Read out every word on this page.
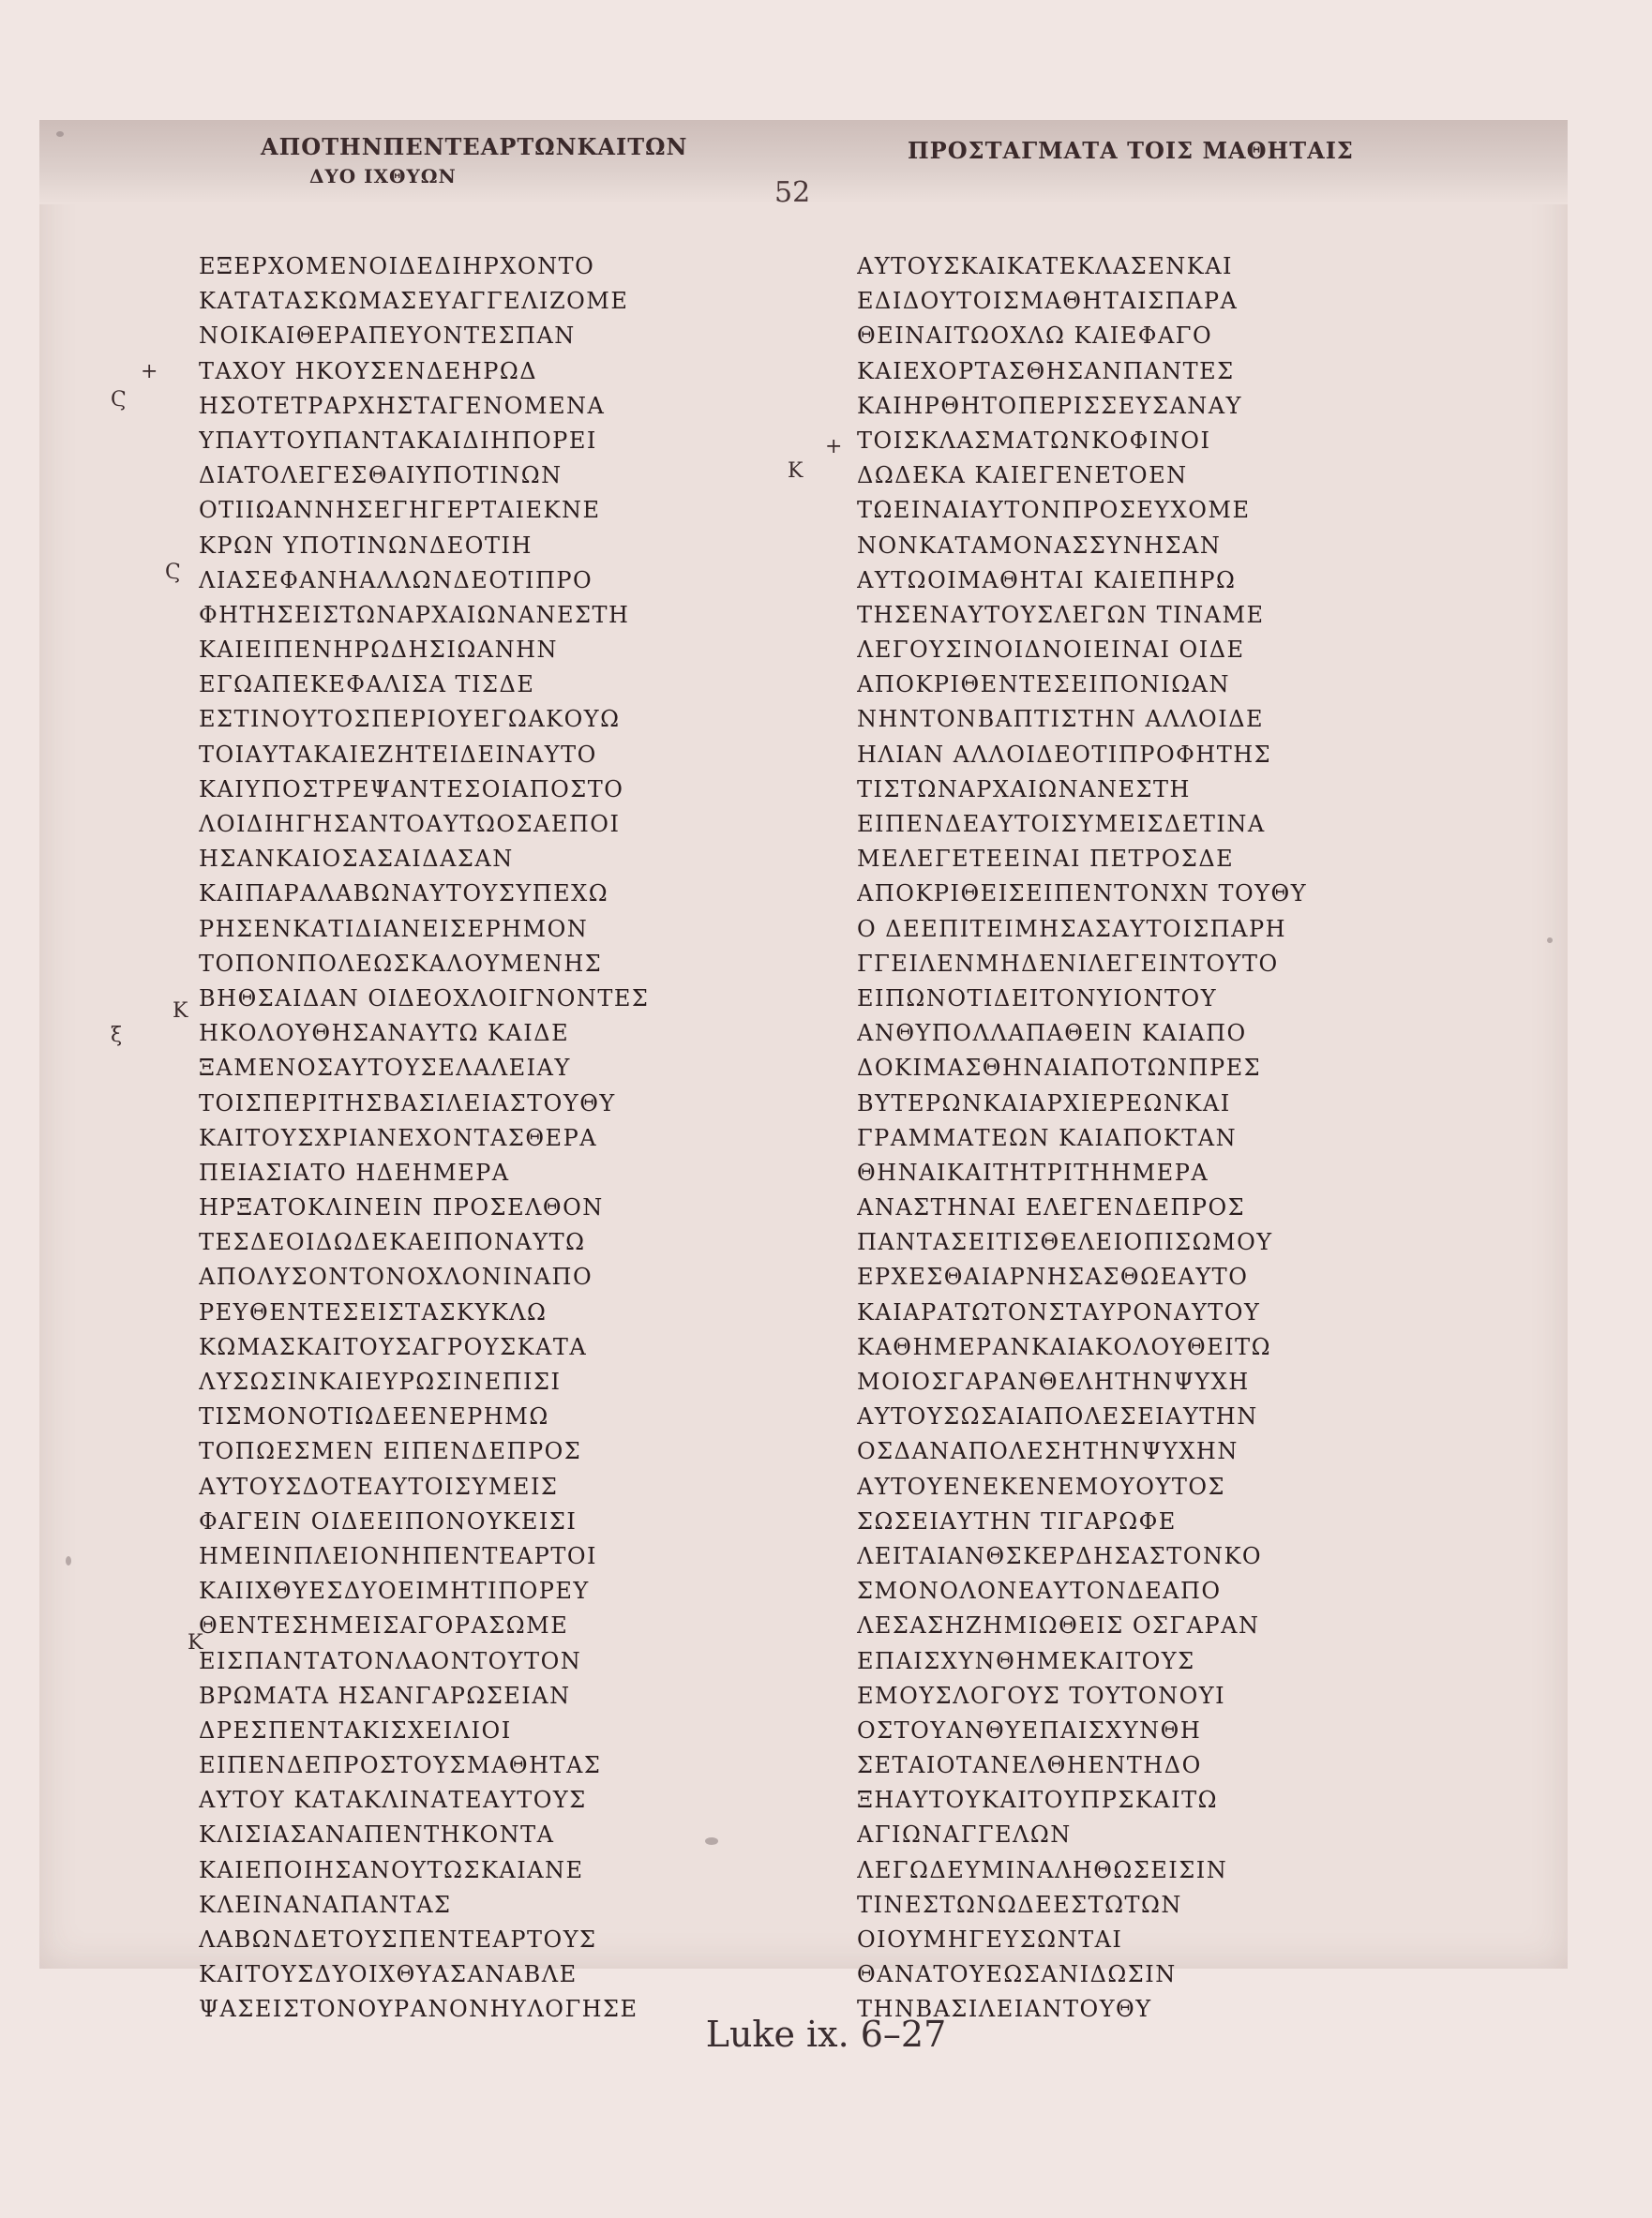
ΑΠΟΤΗΝΠΕΝΤΕΑΡΤΩΝΚΑΙΤΩΝ
ΔΥΟ ΙΧΘΥΩΝ
ΠΡΟΣΤΑΓΜΑΤΑ ΤΟΙΣ ΜΑΘΗΤΑΙΣ
52
+
Ϛ
+
Κ
Ϛ
Κ
ξ
Κ
ΕΞΕΡΧΟΜΕΝΟΙΔΕΔΙΗΡΧΟΝΤΟ
ΚΑΤΑΤΑΣΚΩΜΑΣΕΥΑΓΓΕΛΙΖΟΜΕ
ΝΟΙΚΑΙΘΕΡΑΠΕΥΟΝΤΕΣΠΑΝ
ΤΑΧΟΥ ΗΚΟΥΣΕΝΔΕΗΡΩΔ
ΗΣΟΤΕΤΡΑΡΧΗΣΤΑΓΕΝΟΜΕΝΑ
ΥΠΑΥΤΟΥΠΑΝΤΑΚΑΙΔΙΗΠΟΡΕΙ
ΔΙΑΤΟΛΕΓΕΣΘΑΙΥΠΟΤΙΝΩΝ
ΟΤΙΙΩΑΝΝΗΣΕΓΗΓΕΡΤΑΙΕΚΝΕ
ΚΡΩΝ ΥΠΟΤΙΝΩΝΔΕΟΤΙΗ
ΛΙΑΣΕΦΑΝΗΑΛΛΩΝΔΕΟΤΙΠΡΟ
ΦΗΤΗΣΕΙΣΤΩΝΑΡΧΑΙΩΝΑΝΕΣΤΗ
ΚΑΙΕΙΠΕΝΗΡΩΔΗΣΙΩΑΝΗΝ
ΕΓΩΑΠΕΚΕΦΑΛΙΣΑ ΤΙΣΔΕ
ΕΣΤΙΝΟΥΤΟΣΠΕΡΙΟΥΕΓΩΑΚΟΥΩ
ΤΟΙΑΥΤΑΚΑΙΕΖΗΤΕΙΔΕΙΝΑΥΤΟ
ΚΑΙΥΠΟΣΤΡΕΨΑΝΤΕΣΟΙΑΠΟΣΤΟ
ΛΟΙΔΙΗΓΗΣΑΝΤΟΑΥΤΩΟΣΑΕΠΟΙ
ΗΣΑΝΚΑΙΟΣΑΣΑΙΔΑΣΑΝ
ΚΑΙΠΑΡΑΛΑΒΩΝΑΥΤΟΥΣΥΠΕΧΩ
ΡΗΣΕΝΚΑΤΙΔΙΑΝΕΙΣΕΡΗΜΟΝ
ΤΟΠΟΝΠΟΛΕΩΣΚΑΛΟΥΜΕΝΗΣ
ΒΗΘΣΑΙΔΑΝ ΟΙΔΕΟΧΛΟΙΓΝΟΝΤΕΣ
ΗΚΟΛΟΥΘΗΣΑΝΑΥΤΩ ΚΑΙΔΕ
ΞΑΜΕΝΟΣΑΥΤΟΥΣΕΛΑΛΕΙΑΥ
ΤΟΙΣΠΕΡΙΤΗΣΒΑΣΙΛΕΙΑΣΤΟΥΘΥ
ΚΑΙΤΟΥΣΧΡΙΑΝΕΧΟΝΤΑΣΘΕΡΑ
ΠΕΙΑΣΙΑΤΟ ΗΔΕΗΜΕΡΑ
ΗΡΞΑΤΟΚΛΙΝΕΙΝ ΠΡΟΣΕΛΘΟΝ
ΤΕΣΔΕΟΙΔΩΔΕΚΑΕΙΠΟΝΑΥΤΩ
ΑΠΟΛΥΣΟΝΤΟΝΟΧΛΟΝΙΝΑΠΟ
ΡΕΥΘΕΝΤΕΣΕΙΣΤΑΣΚΥΚΛΩ
ΚΩΜΑΣΚΑΙΤΟΥΣΑΓΡΟΥΣΚΑΤΑ
ΛΥΣΩΣΙΝΚΑΙΕΥΡΩΣΙΝΕΠΙΣΙ
ΤΙΣΜΟΝΟΤΙΩΔΕΕΝΕΡΗΜΩ
ΤΟΠΩΕΣΜΕΝ ΕΙΠΕΝΔΕΠΡΟΣ
ΑΥΤΟΥΣΔΟΤΕΑΥΤΟΙΣΥΜΕΙΣ
ΦΑΓΕΙΝ ΟΙΔΕΕΙΠΟΝΟΥΚΕΙΣΙ
ΗΜΕΙΝΠΛΕΙΟΝΗΠΕΝΤΕΑΡΤΟΙ
ΚΑΙΙΧΘΥΕΣΔΥΟΕΙΜΗΤΙΠΟΡΕΥ
ΘΕΝΤΕΣΗΜΕΙΣΑΓΟΡΑΣΩΜΕ
ΕΙΣΠΑΝΤΑΤΟΝΛΑΟΝΤΟΥΤΟΝ
ΒΡΩΜΑΤΑ ΗΣΑΝΓΑΡΩΣΕΙΑΝ
ΔΡΕΣΠΕΝΤΑΚΙΣΧΕΙΛΙΟΙ
ΕΙΠΕΝΔΕΠΡΟΣΤΟΥΣΜΑΘΗΤΑΣ
ΑΥΤΟΥ ΚΑΤΑΚΛΙΝΑΤΕΑΥΤΟΥΣ
ΚΛΙΣΙΑΣΑΝΑΠΕΝΤΗΚΟΝΤΑ
ΚΑΙΕΠΟΙΗΣΑΝΟΥΤΩΣΚΑΙΑΝΕ
ΚΛΕΙΝΑΝΑΠΑΝΤΑΣ
ΛΑΒΩΝΔΕΤΟΥΣΠΕΝΤΕΑΡΤΟΥΣ
ΚΑΙΤΟΥΣΔΥΟΙΧΘΥΑΣΑΝΑΒΛΕ
ΨΑΣΕΙΣΤΟΝΟΥΡΑΝΟΝΗΥΛΟΓΗΣΕ
ΑΥΤΟΥΣΚΑΙΚΑΤΕΚΛΑΣΕΝΚΑΙ
ΕΔΙΔΟΥΤΟΙΣΜΑΘΗΤΑΙΣΠΑΡΑ
ΘΕΙΝΑΙΤΩΟΧΛΩ ΚΑΙΕΦΑΓΟ
ΚΑΙΕΧΟΡΤΑΣΘΗΣΑΝΠΑΝΤΕΣ
ΚΑΙΗΡΘΗΤΟΠΕΡΙΣΣΕΥΣΑΝΑΥ
ΤΟΙΣΚΛΑΣΜΑΤΩΝΚΟΦΙΝΟΙ
ΔΩΔΕΚΑ ΚΑΙΕΓΕΝΕΤΟΕΝ
ΤΩΕΙΝΑΙΑΥΤΟΝΠΡΟΣΕΥΧΟΜΕ
ΝΟΝΚΑΤΑΜΟΝΑΣΣΥΝΗΣΑΝ
ΑΥΤΩΟΙΜΑΘΗΤΑΙ ΚΑΙΕΠΗΡΩ
ΤΗΣΕΝΑΥΤΟΥΣΛΕΓΩΝ ΤΙΝΑΜΕ
ΛΕΓΟΥΣΙΝΟΙΔΝΟΙΕΙΝΑΙ ΟΙΔΕ
ΑΠΟΚΡΙΘΕΝΤΕΣΕΙΠΟΝΙΩΑΝ
ΝΗΝΤΟΝΒΑΠΤΙΣΤΗΝ ΑΛΛΟΙΔΕ
ΗΛΙΑΝ ΑΛΛΟΙΔΕΟΤΙΠΡΟΦΗΤΗΣ
ΤΙΣΤΩΝΑΡΧΑΙΩΝΑΝΕΣΤΗ
ΕΙΠΕΝΔΕΑΥΤΟΙΣΥΜΕΙΣΔΕΤΙΝΑ
ΜΕΛΕΓΕΤΕΕΙΝΑΙ ΠΕΤΡΟΣΔΕ
ΑΠΟΚΡΙΘΕΙΣΕΙΠΕΝΤΟΝΧΝ ΤΟΥΘΥ
Ο ΔΕΕΠΙΤΕΙΜΗΣΑΣΑΥΤΟΙΣΠΑΡΗ
ΓΓΕΙΛΕΝΜΗΔΕΝΙΛΕΓΕΙΝΤΟΥΤΟ
ΕΙΠΩΝΟΤΙΔΕΙΤΟΝΥΙΟΝΤΟΥ
ΑΝΘΥΠΟΛΛΑΠΑΘΕΙΝ ΚΑΙΑΠΟ
ΔΟΚΙΜΑΣΘΗΝΑΙΑΠΟΤΩΝΠΡΕΣ
ΒΥΤΕΡΩΝΚΑΙΑΡΧΙΕΡΕΩΝΚΑΙ
ΓΡΑΜΜΑΤΕΩΝ ΚΑΙΑΠΟΚΤΑΝ
ΘΗΝΑΙΚΑΙΤΗΤΡΙΤΗΗΜΕΡΑ
ΑΝΑΣΤΗΝΑΙ ΕΛΕΓΕΝΔΕΠΡΟΣ
ΠΑΝΤΑΣΕΙΤΙΣΘΕΛΕΙΟΠΙΣΩΜΟΥ
ΕΡΧΕΣΘΑΙΑΡΝΗΣΑΣΘΩΕΑΥΤΟ
ΚΑΙΑΡΑΤΩΤΟΝΣΤΑΥΡΟΝΑΥΤΟΥ
ΚΑΘΗΜΕΡΑΝΚΑΙΑΚΟΛΟΥΘΕΙΤΩ
ΜΟΙΟΣΓΑΡΑΝΘΕΛΗΤΗΝΨΥΧΗ
ΑΥΤΟΥΣΩΣΑΙΑΠΟΛΕΣΕΙΑΥΤΗΝ
ΟΣΔΑΝΑΠΟΛΕΣΗΤΗΝΨΥΧΗΝ
ΑΥΤΟΥΕΝΕΚΕΝΕΜΟΥΟΥΤΟΣ
ΣΩΣΕΙΑΥΤΗΝ ΤΙΓΑΡΩΦΕ
ΛΕΙΤΑΙΑΝΘΣΚΕΡΔΗΣΑΣΤΟΝΚΟ
ΣΜΟΝΟΛΟΝΕΑΥΤΟΝΔΕΑΠΟ
ΛΕΣΑΣΗΖΗΜΙΩΘΕΙΣ ΟΣΓΑΡΑΝ
ΕΠΑΙΣΧΥΝΘΗΜΕΚΑΙΤΟΥΣ
ΕΜΟΥΣΛΟΓΟΥΣ ΤΟΥΤΟΝΟΥΙ
ΟΣΤΟΥΑΝΘΥΕΠΑΙΣΧΥΝΘΗ
ΣΕΤΑΙΟΤΑΝΕΛΘΗΕΝΤΗΔΟ
ΞΗΑΥΤΟΥΚΑΙΤΟΥΠΡΣΚΑΙΤΩ
ΑΓΙΩΝΑΓΓΕΛΩΝ
ΛΕΓΩΔΕΥΜΙΝΑΛΗΘΩΣΕΙΣΙΝ
ΤΙΝΕΣΤΩΝΩΔΕΕΣΤΩΤΩΝ
ΟΙΟΥΜΗΓΕΥΣΩΝΤΑΙ
ΘΑΝΑΤΟΥΕΩΣΑΝΙΔΩΣΙΝ
ΤΗΝΒΑΣΙΛΕΙΑΝΤΟΥΘΥ
Luke ix. 6–27
